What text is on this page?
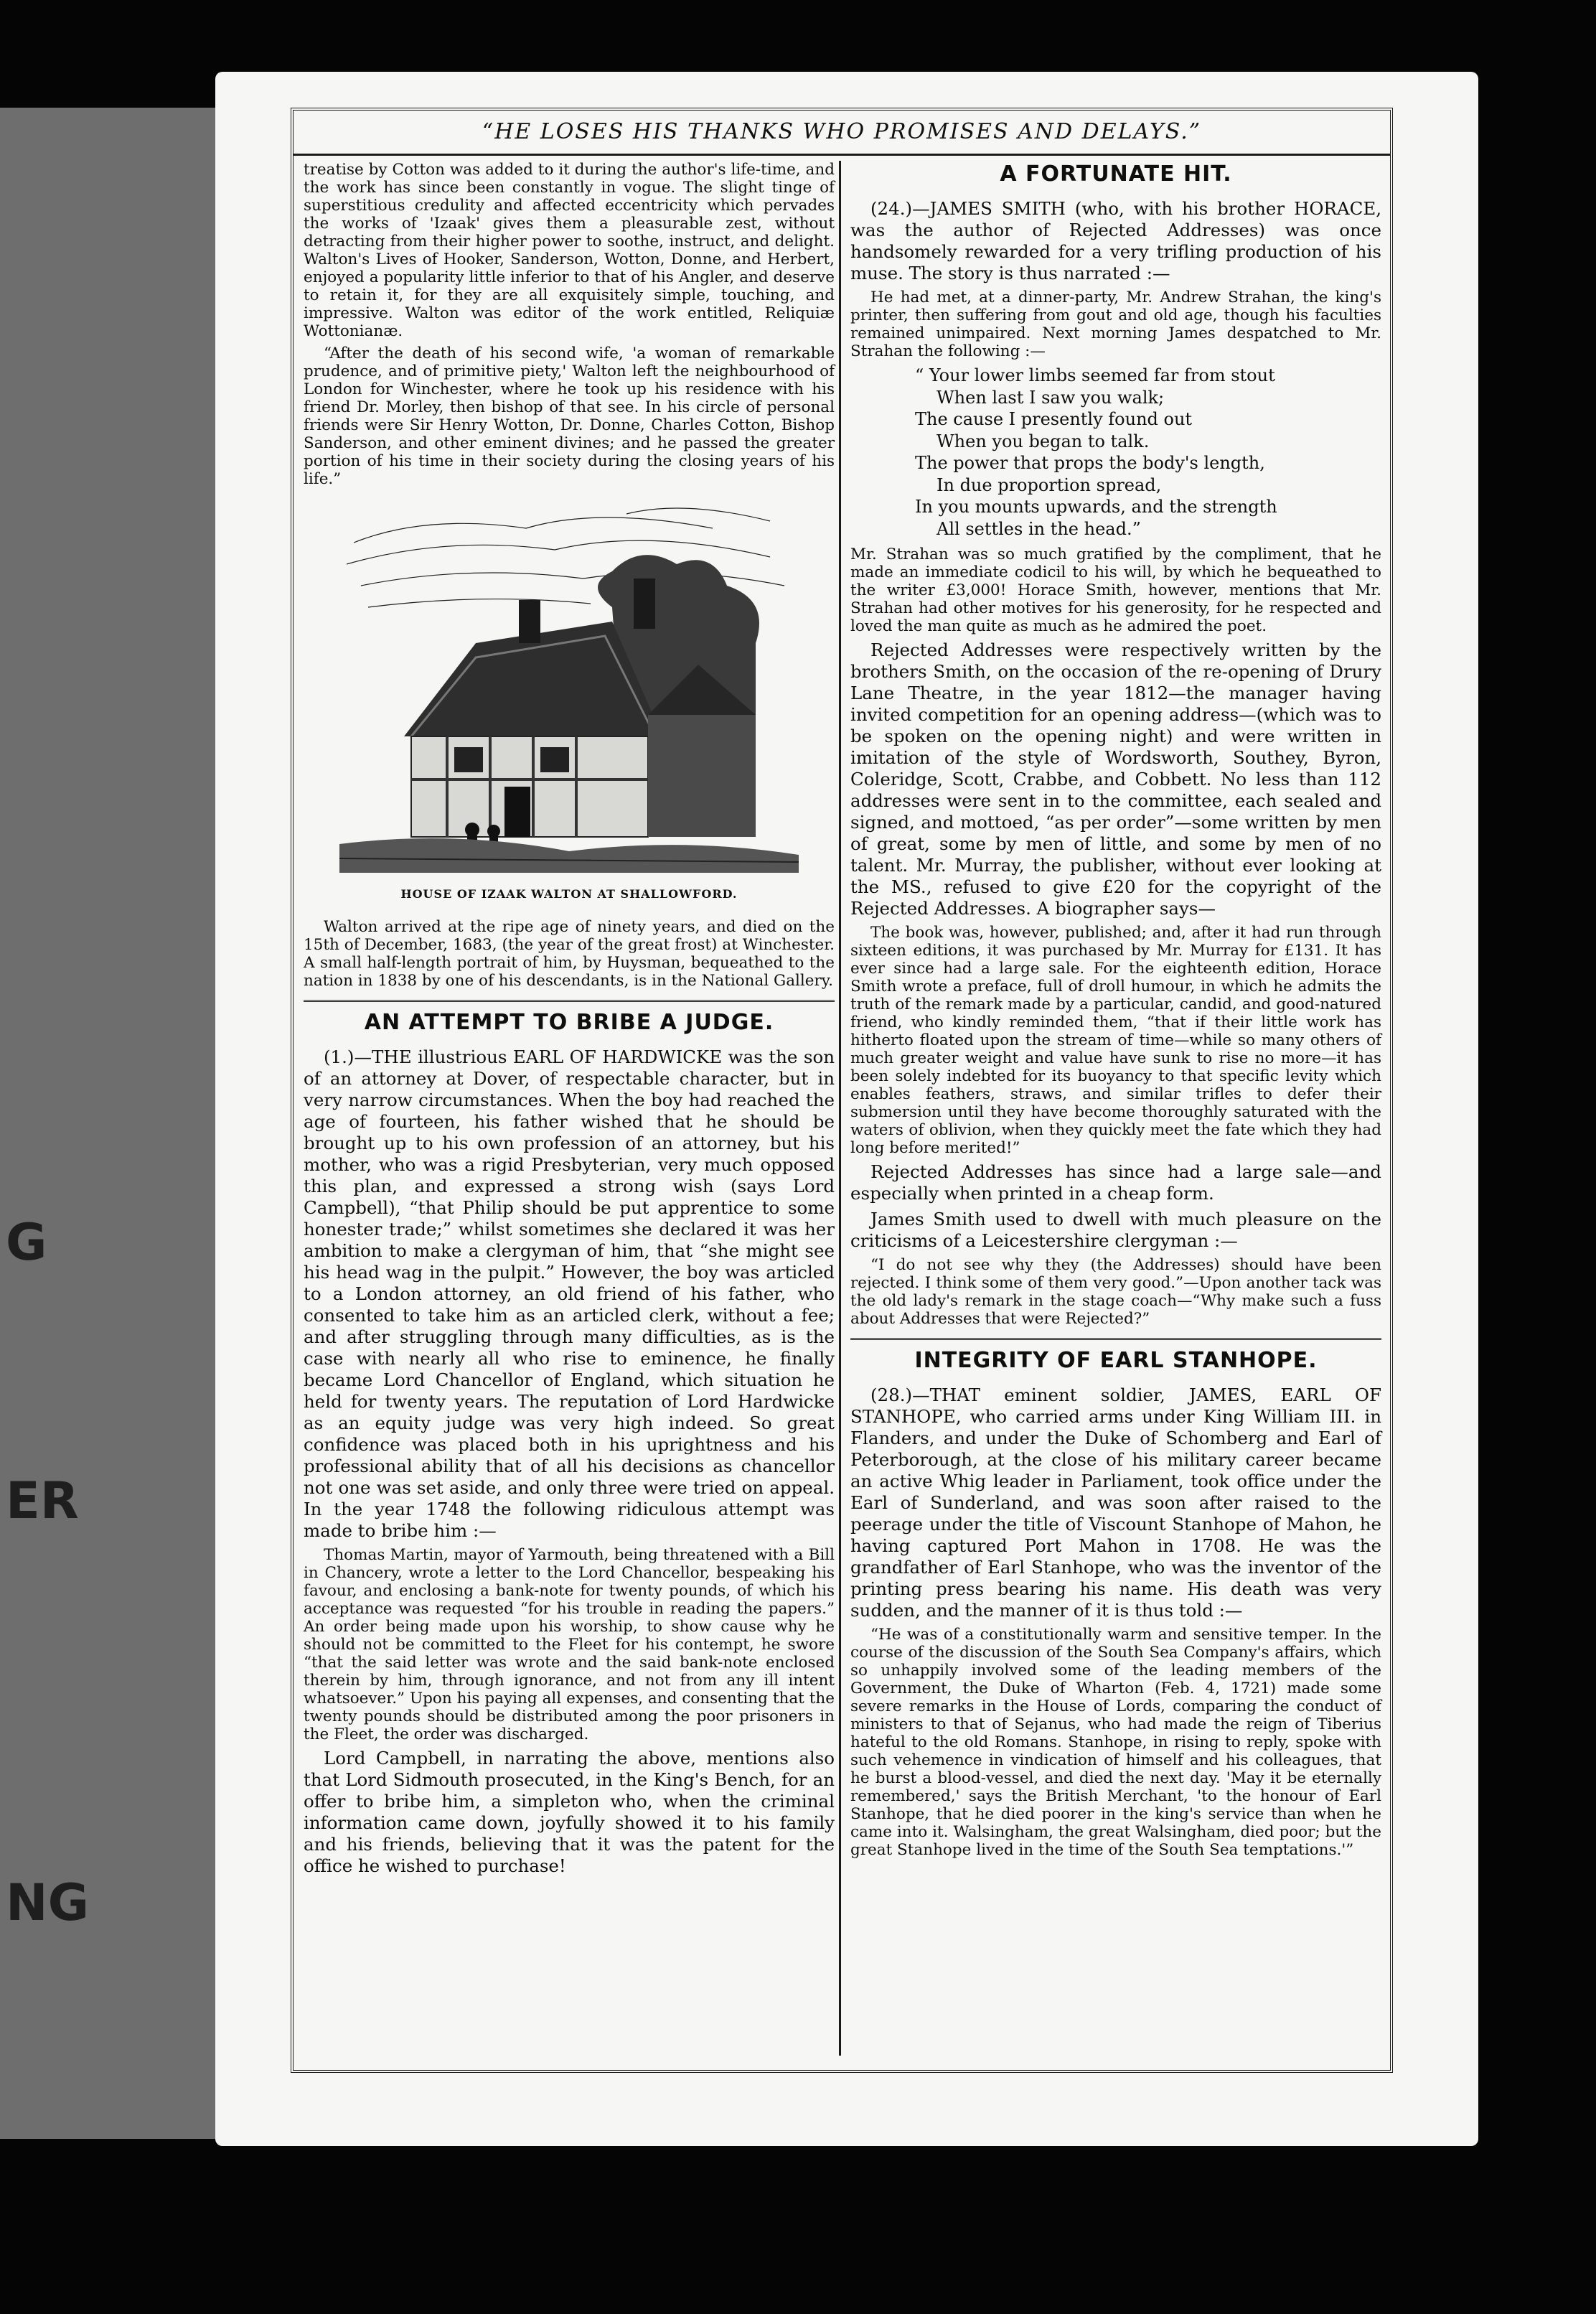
G
ER
NG
“HE LOSES HIS THANKS WHO PROMISES AND DELAYS.”

treatise by Cotton was added to it during the author's life-time, and the work has since been constantly in vogue. The slight tinge of superstitious credulity and affected eccentricity which pervades the works of 'Izaak' gives them a pleasurable zest, without detracting from their higher power to soothe, instruct, and delight. Walton's Lives of Hooker, Sanderson, Wotton, Donne, and Herbert, enjoyed a popularity little inferior to that of his Angler, and deserve to retain it, for they are all exquisitely simple, touching, and impressive. Walton was editor of the work entitled, Reliquiæ Wottonianæ.

“After the death of his second wife, 'a woman of remarkable prudence, and of primitive piety,' Walton left the neighbourhood of London for Winchester, where he took up his residence with his friend Dr. Morley, then bishop of that see. In his circle of personal friends were Sir Henry Wotton, Dr. Donne, Charles Cotton, Bishop Sanderson, and other eminent divines; and he passed the greater portion of his time in their society during the closing years of his life.”

HOUSE OF IZAAK WALTON AT SHALLOWFORD.

Walton arrived at the ripe age of ninety years, and died on the 15th of December, 1683, (the year of the great frost) at Winchester. A small half-length portrait of him, by Huysman, bequeathed to the nation in 1838 by one of his descendants, is in the National Gallery.

AN ATTEMPT TO BRIBE A JUDGE.

(1.)—THE illustrious EARL OF HARDWICKE was the son of an attorney at Dover, of respectable character, but in very narrow circumstances. When the boy had reached the age of fourteen, his father wished that he should be brought up to his own profession of an attorney, but his mother, who was a rigid Presbyterian, very much opposed this plan, and expressed a strong wish (says Lord Campbell), “that Philip should be put apprentice to some honester trade;” whilst sometimes she declared it was her ambition to make a clergyman of him, that “she might see his head wag in the pulpit.” However, the boy was articled to a London attorney, an old friend of his father, who consented to take him as an articled clerk, without a fee; and after struggling through many difficulties, as is the case with nearly all who rise to eminence, he finally became Lord Chancellor of England, which situation he held for twenty years. The reputation of Lord Hardwicke as an equity judge was very high indeed. So great confidence was placed both in his uprightness and his professional ability that of all his decisions as chancellor not one was set aside, and only three were tried on appeal. In the year 1748 the following ridiculous attempt was made to bribe him :—

Thomas Martin, mayor of Yarmouth, being threatened with a Bill in Chancery, wrote a letter to the Lord Chancellor, bespeaking his favour, and enclosing a bank-note for twenty pounds, of which his acceptance was requested “for his trouble in reading the papers.” An order being made upon his worship, to show cause why he should not be committed to the Fleet for his contempt, he swore “that the said letter was wrote and the said bank-note enclosed therein by him, through ignorance, and not from any ill intent whatsoever.” Upon his paying all expenses, and consenting that the twenty pounds should be distributed among the poor prisoners in the Fleet, the order was discharged.

Lord Campbell, in narrating the above, mentions also that Lord Sidmouth prosecuted, in the King's Bench, for an offer to bribe him, a simpleton who, when the criminal information came down, joyfully showed it to his family and his friends, believing that it was the patent for the office he wished to purchase!

A FORTUNATE HIT.

(24.)—JAMES SMITH (who, with his brother HORACE, was the author of Rejected Addresses) was once handsomely rewarded for a very trifling production of his muse. The story is thus narrated :—

He had met, at a dinner-party, Mr. Andrew Strahan, the king's printer, then suffering from gout and old age, though his faculties remained unimpaired. Next morning James despatched to Mr. Strahan the following :—

“ Your lower limbs seemed far from stout
When last I saw you walk;
The cause I presently found out
When you began to talk.
The power that props the body's length,
In due proportion spread,
In you mounts upwards, and the strength
All settles in the head.”

Mr. Strahan was so much gratified by the compliment, that he made an immediate codicil to his will, by which he bequeathed to the writer £3,000! Horace Smith, however, mentions that Mr. Strahan had other motives for his generosity, for he respected and loved the man quite as much as he admired the poet.

Rejected Addresses were respectively written by the brothers Smith, on the occasion of the re-opening of Drury Lane Theatre, in the year 1812—the manager having invited competition for an opening address—(which was to be spoken on the opening night) and were written in imitation of the style of Wordsworth, Southey, Byron, Coleridge, Scott, Crabbe, and Cobbett. No less than 112 addresses were sent in to the committee, each sealed and signed, and mottoed, “as per order”—some written by men of great, some by men of little, and some by men of no talent. Mr. Murray, the publisher, without ever looking at the MS., refused to give £20 for the copyright of the Rejected Addresses. A biographer says—

The book was, however, published; and, after it had run through sixteen editions, it was purchased by Mr. Murray for £131. It has ever since had a large sale. For the eighteenth edition, Horace Smith wrote a preface, full of droll humour, in which he admits the truth of the remark made by a particular, candid, and good-natured friend, who kindly reminded them, “that if their little work has hitherto floated upon the stream of time—while so many others of much greater weight and value have sunk to rise no more—it has been solely indebted for its buoyancy to that specific levity which enables feathers, straws, and similar trifles to defer their submersion until they have become thoroughly saturated with the waters of oblivion, when they quickly meet the fate which they had long before merited!”

Rejected Addresses has since had a large sale—and especially when printed in a cheap form.

James Smith used to dwell with much pleasure on the criticisms of a Leicestershire clergyman :—

“I do not see why they (the Addresses) should have been rejected. I think some of them very good.”—Upon another tack was the old lady's remark in the stage coach—“Why make such a fuss about Addresses that were Rejected?”

INTEGRITY OF EARL STANHOPE.

(28.)—THAT eminent soldier, JAMES, EARL OF STANHOPE, who carried arms under King William III. in Flanders, and under the Duke of Schomberg and Earl of Peterborough, at the close of his military career became an active Whig leader in Parliament, took office under the Earl of Sunderland, and was soon after raised to the peerage under the title of Viscount Stanhope of Mahon, he having captured Port Mahon in 1708. He was the grandfather of Earl Stanhope, who was the inventor of the printing press bearing his name. His death was very sudden, and the manner of it is thus told :—

“He was of a constitutionally warm and sensitive temper. In the course of the discussion of the South Sea Company's affairs, which so unhappily involved some of the leading members of the Government, the Duke of Wharton (Feb. 4, 1721) made some severe remarks in the House of Lords, comparing the conduct of ministers to that of Sejanus, who had made the reign of Tiberius hateful to the old Romans. Stanhope, in rising to reply, spoke with such vehemence in vindication of himself and his colleagues, that he burst a blood-vessel, and died the next day. 'May it be eternally remembered,' says the British Merchant, 'to the honour of Earl Stanhope, that he died poorer in the king's service than when he came into it. Walsingham, the great Walsingham, died poor; but the great Stanhope lived in the time of the South Sea temptations.'”
